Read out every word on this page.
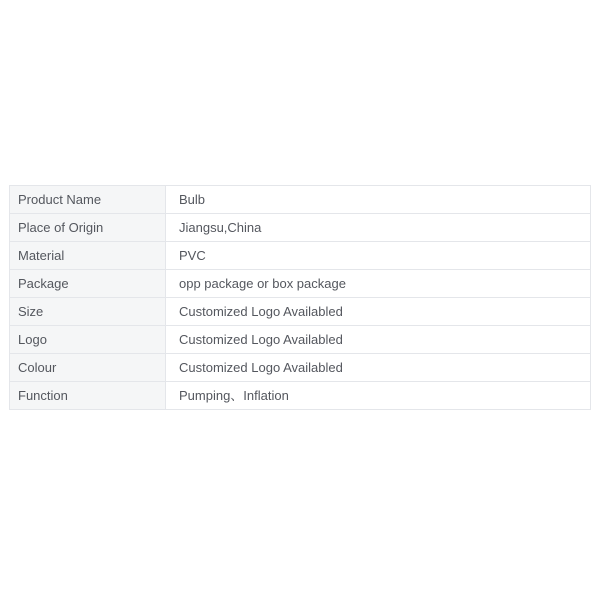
Product Name	Bulb
Place of Origin	Jiangsu,China
Material	PVC
Package	opp package or box package
Size	Customized Logo Availabled
Logo	Customized Logo Availabled
Colour	Customized Logo Availabled
Function	Pumping、Inflation
